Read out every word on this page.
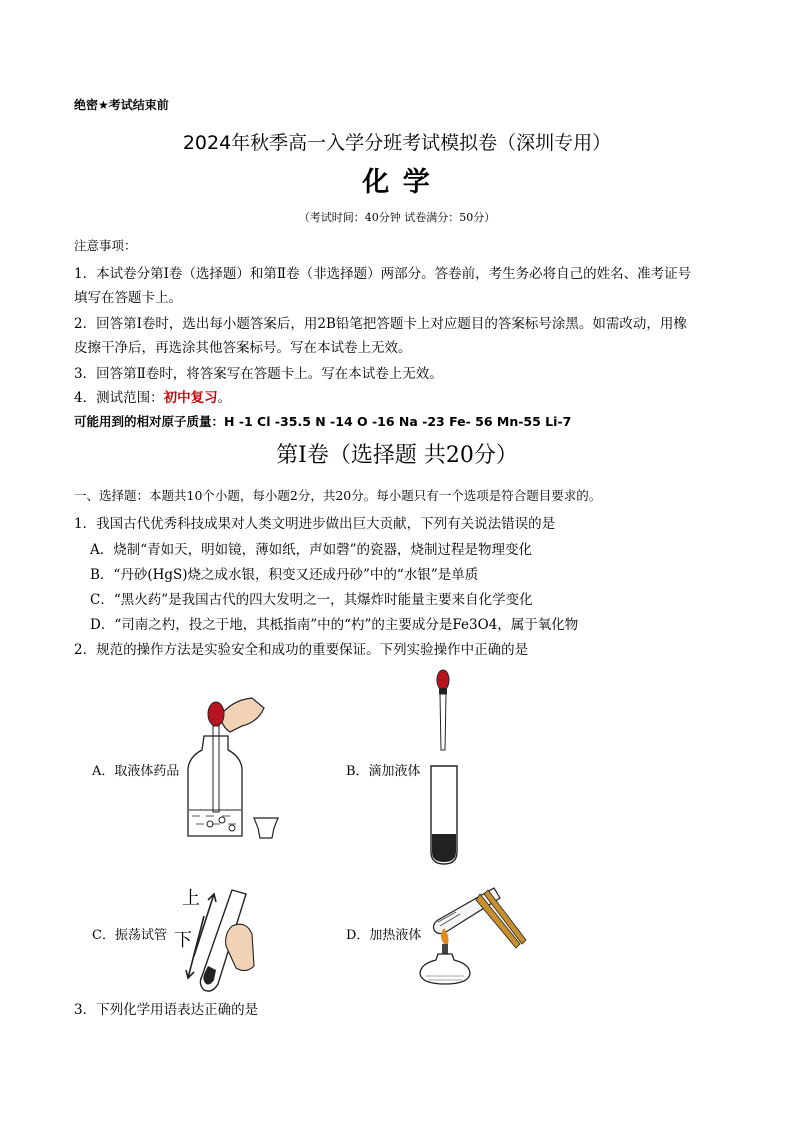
绝密★考试结束前
2024年秋季高一入学分班考试模拟卷（深圳专用）
化 学
（考试时间：40分钟 试卷满分：50分）
注意事项：
1．本试卷分第Ⅰ卷（选择题）和第Ⅱ卷（非选择题）两部分。答卷前，考生务必将自己的姓名、准考证号
填写在答题卡上。
2．回答第Ⅰ卷时，选出每小题答案后，用2B铅笔把答题卡上对应题目的答案标号涂黑。如需改动，用橡
皮擦干净后，再选涂其他答案标号。写在本试卷上无效。
3．回答第Ⅱ卷时，将答案写在答题卡上。写在本试卷上无效。
4．测试范围：初中复习。
可能用到的相对原子质量：H -1 Cl -35.5 N -14 O -16 Na -23 Fe- 56 Mn-55 Li-7
第Ⅰ卷（选择题 共20分）
一、选择题：本题共10个小题，每小题2分，共20分。每小题只有一个选项是符合题目要求的。
1．我国古代优秀科技成果对人类文明进步做出巨大贡献，下列有关说法错误的是
A．烧制“青如天，明如镜，薄如纸，声如磬”的瓷器，烧制过程是物理变化
B．“丹砂(HgS)烧之成水银，积变又还成丹砂”中的“水银”是单质
C．“黑火药”是我国古代的四大发明之一，其爆炸时能量主要来自化学变化
D．“司南之杓，投之于地，其柢指南”中的“杓”的主要成分是Fe3O4，属于氧化物
2．规范的操作方法是实验安全和成功的重要保证。下列实验操作中正确的是
A．取液体药品	B．滴加液体
C．振荡试管	D．加热液体
上
下
3．下列化学用语表达正确的是
